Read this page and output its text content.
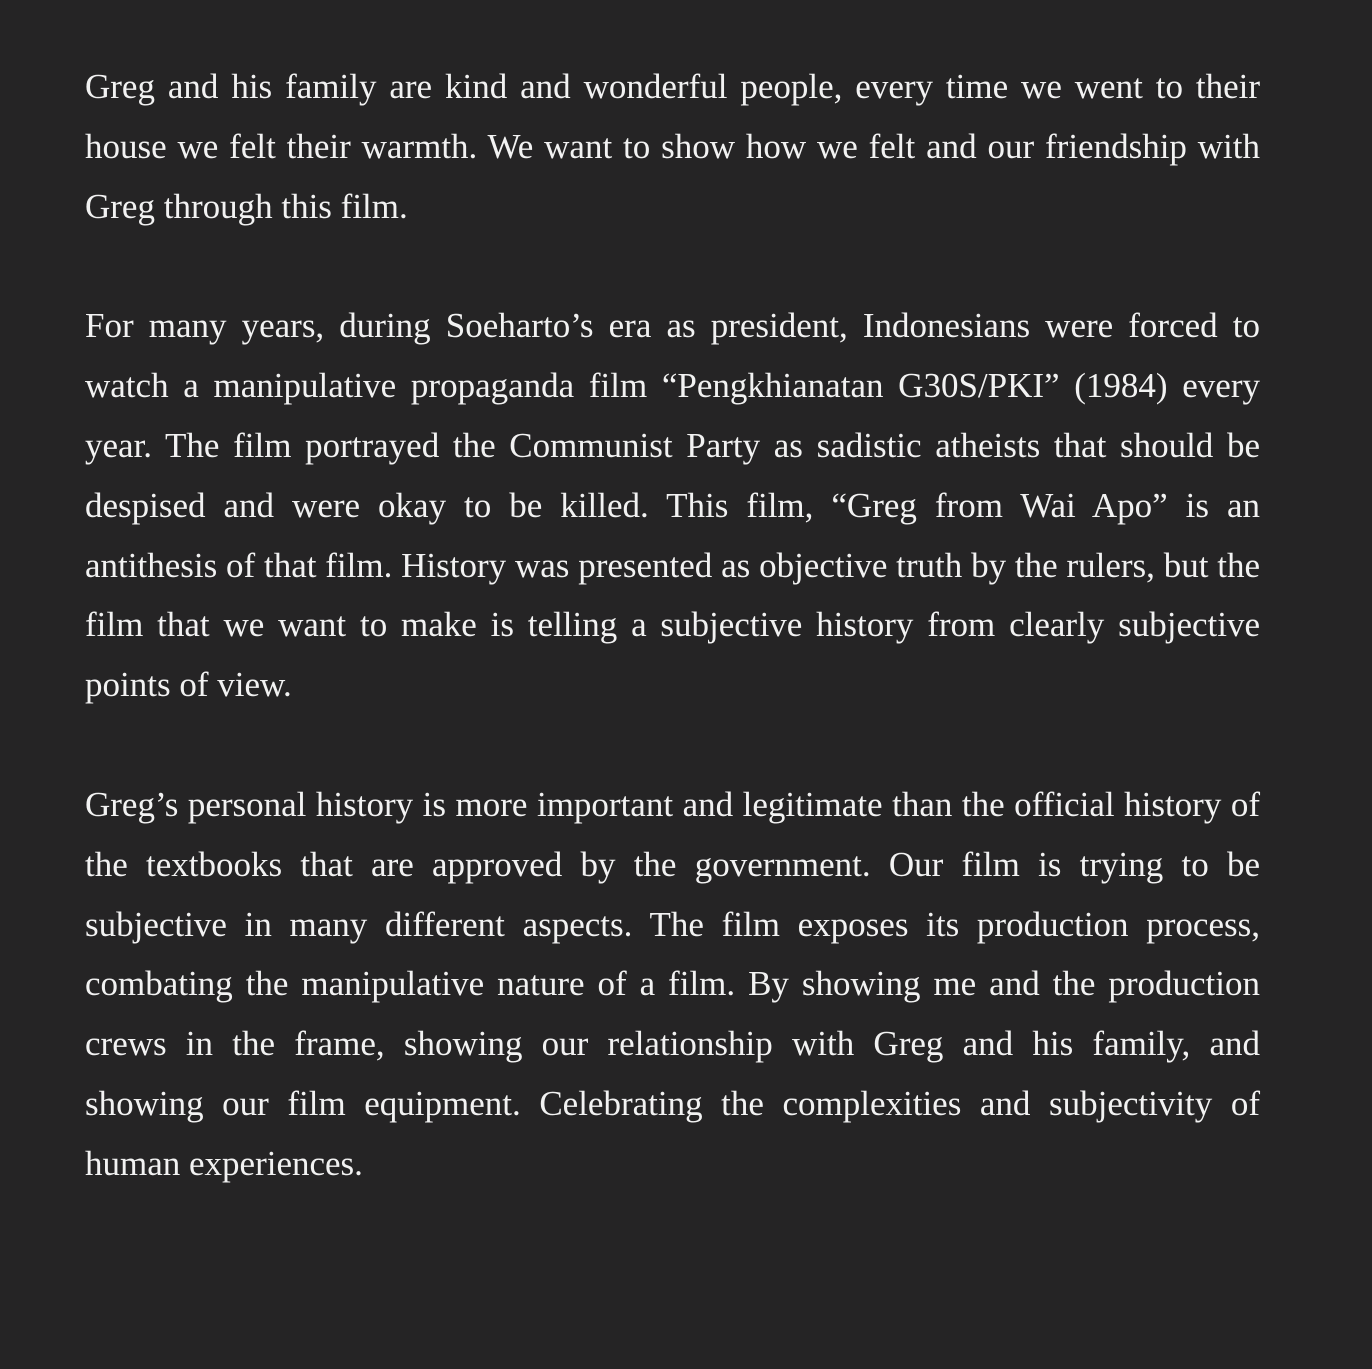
Greg and his family are kind and wonderful people, every time we went to their house we felt their warmth. We want to show how we felt and our friendship with Greg through this film.

For many years, during Soeharto’s era as president, Indonesians were forced to watch a manipulative propaganda film “Pengkhianatan G30S/PKI” (1984) every year. The film portrayed the Communist Party as sadistic atheists that should be despised and were okay to be killed. This film, “Greg from Wai Apo” is an antithesis of that film. History was presented as objective truth by the rulers, but the film that we want to make is telling a subjective history from clearly subjective points of view.

Greg’s personal history is more important and legitimate than the official history of the textbooks that are approved by the government. Our film is trying to be subjective in many different aspects. The film exposes its production process, combating the manipulative nature of a film. By showing me and the production crews in the frame, showing our relationship with Greg and his family, and showing our film equipment. Celebrating the complexities and subjectivity of human experiences.
